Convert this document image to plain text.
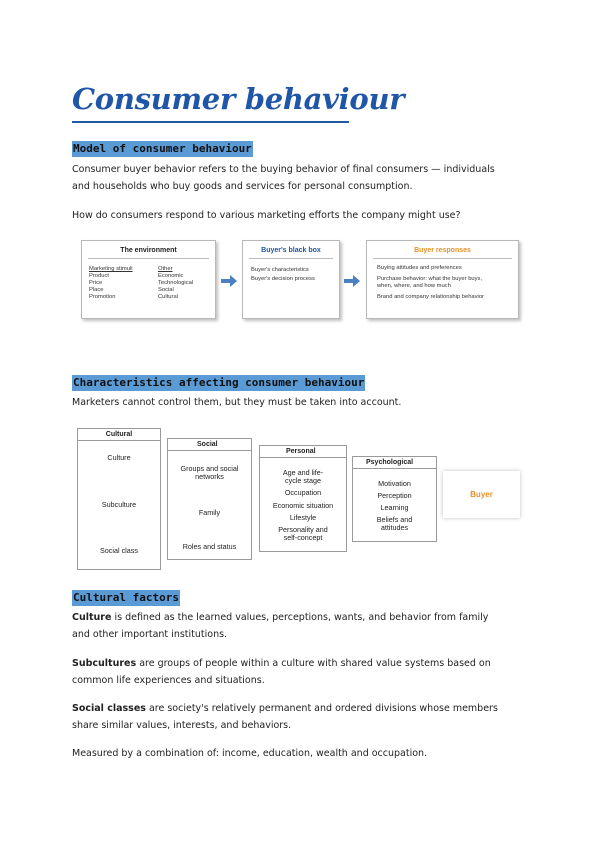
Consumer behaviour
Model of consumer behaviour
Consumer buyer behavior refers to the buying behavior of final consumers — individuals
and households who buy goods and services for personal consumption.
How do consumers respond to various marketing efforts the company might use?
The environment
Marketing stimuli
Product
Price
Place
Promotion
Other
Economic
Technological
Social
Cultural
Buyer's black box
Buyer's characteristics
Buyer's decision process
Buyer responses
Buying attitudes and preferences
Purchase behavior: what the buyer buys,
when, where, and how much
Brand and company relationship behavior
Characteristics affecting consumer behaviour
Marketers cannot control them, but they must be taken into account.
Cultural
Culture
Subculture
Social class
Social
Groups and social
networks
Family
Roles and status
Personal
Age and life-
cycle stage
Occupation
Economic situation
Lifestyle
Personality and
self-concept
Psychological
Motivation
Perception
Learning
Beliefs and
attitudes
Buyer
Cultural factors
Culture is defined as the learned values, perceptions, wants, and behavior from family
and other important institutions.
Subcultures are groups of people within a culture with shared value systems based on
common life experiences and situations.
Social classes are society's relatively permanent and ordered divisions whose members
share similar values, interests, and behaviors.
Measured by a combination of: income, education, wealth and occupation.
